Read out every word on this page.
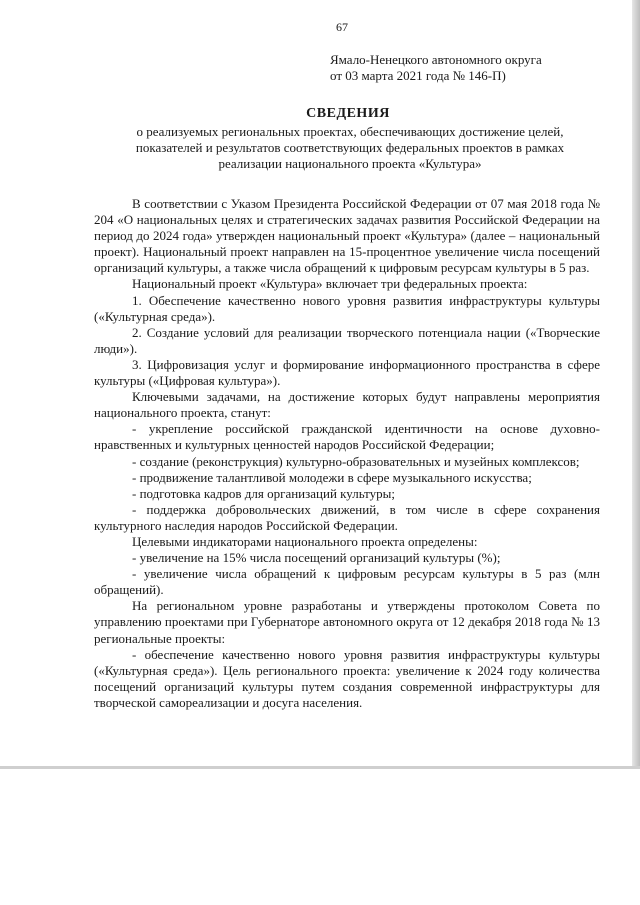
67
Ямало-Ненецкого автономного округа
от 03 марта 2021 года № 146-П)
СВЕДЕНИЯ
о реализуемых региональных проектах, обеспечивающих достижение целей,
показателей и результатов соответствующих федеральных проектов в рамках
реализации национального проекта «Культура»

В соответствии с Указом Президента Российской Федерации от 07 мая 2018 года № 204 «О национальных целях и стратегических задачах развития Российской Федерации на период до 2024 года» утвержден национальный проект «Культура» (далее – национальный проект). Национальный проект направлен на 15-процентное увеличение числа посещений организаций культуры, а также числа обращений к цифровым ресурсам культуры в 5 раз.

Национальный проект «Культура» включает три федеральных проекта:

1. Обеспечение качественно нового уровня развития инфраструктуры культуры («Культурная среда»).

2. Создание условий для реализации творческого потенциала нации («Творческие люди»).

3. Цифровизация услуг и формирование информационного пространства в сфере культуры («Цифровая культура»).

Ключевыми задачами, на достижение которых будут направлены мероприятия национального проекта, станут:

- укрепление российской гражданской идентичности на основе духовно-нравственных и культурных ценностей народов Российской Федерации;

- создание (реконструкция) культурно-образовательных и музейных комплексов;

- продвижение талантливой молодежи в сфере музыкального искусства;

- подготовка кадров для организаций культуры;

- поддержка добровольческих движений, в том числе в сфере сохранения культурного наследия народов Российской Федерации.

Целевыми индикаторами национального проекта определены:

- увеличение на 15% числа посещений организаций культуры (%);

- увеличение числа обращений к цифровым ресурсам культуры в 5 раз (млн обращений).

На региональном уровне разработаны и утверждены протоколом Совета по управлению проектами при Губернаторе автономного округа от 12 декабря 2018 года № 13 региональные проекты:

- обеспечение качественно нового уровня развития инфраструктуры культуры («Культурная среда»). Цель регионального проекта: увеличение к 2024 году количества посещений организаций культуры путем создания современной инфраструктуры для творческой самореализации и досуга населения.
